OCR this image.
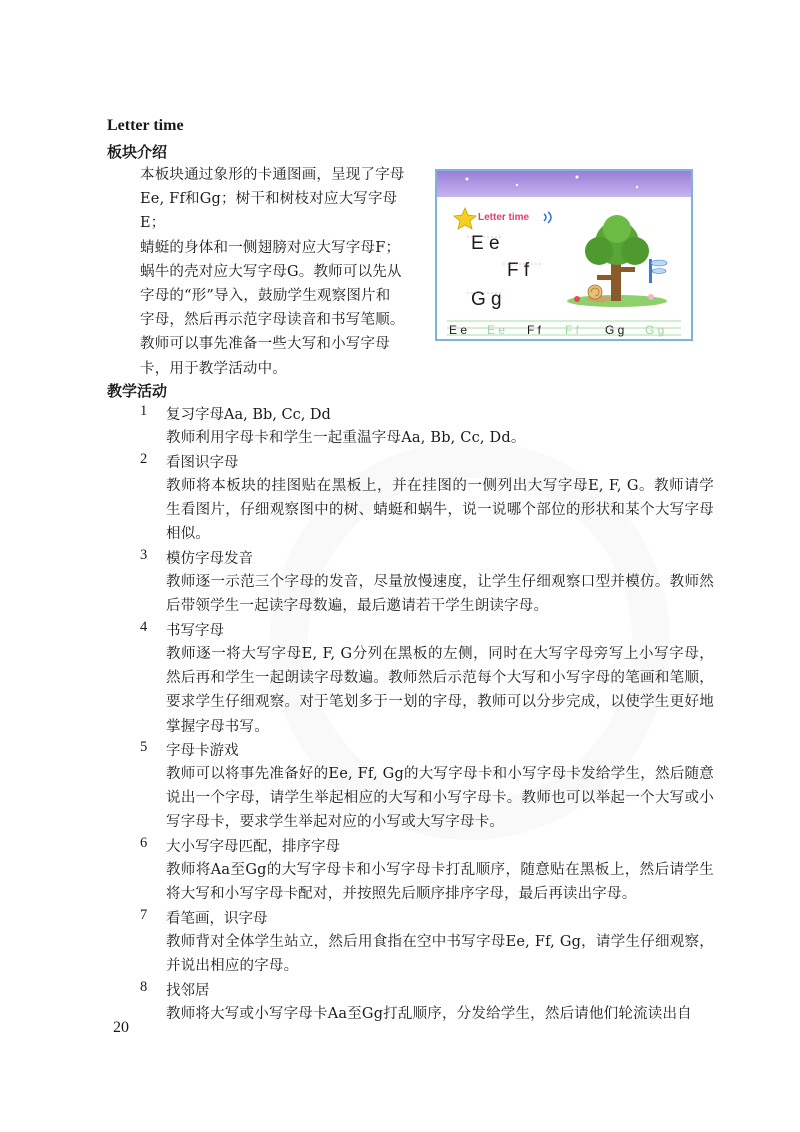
Letter time
板块介绍

本板块通过象形的卡通图画，呈现了字母

Ee, Ff和Gg；树干和树枝对应大写字母E；

蜻蜓的身体和一侧翅膀对应大写字母F；

蜗牛的壳对应大写字母G。教师可以先从

字母的“形”导入，鼓励学生观察图片和

字母，然后再示范字母读音和书写笔顺。

教师可以事先准备一些大写和小写字母

卡，用于教学活动中。

Letter time
E e
F f
G g
E e E e F f F f G g G g
教学活动
1 复习字母Aa, Bb, Cc, Dd

教师利用字母卡和学生一起重温字母Aa, Bb, Cc, Dd。

2 看图识字母

教师将本板块的挂图贴在黑板上，并在挂图的一侧列出大写字母E, F, G。教师请学生看图片，仔细观察图中的树、蜻蜓和蜗牛，说一说哪个部位的形状和某个大写字母相似。

3 模仿字母发音

教师逐一示范三个字母的发音，尽量放慢速度，让学生仔细观察口型并模仿。教师然后带领学生一起读字母数遍，最后邀请若干学生朗读字母。

4 书写字母

教师逐一将大写字母E, F, G分列在黑板的左侧，同时在大写字母旁写上小写字母，然后再和学生一起朗读字母数遍。教师然后示范每个大写和小写字母的笔画和笔顺，要求学生仔细观察。对于笔划多于一划的字母，教师可以分步完成，以使学生更好地掌握字母书写。

5 字母卡游戏

教师可以将事先准备好的Ee, Ff, Gg的大写字母卡和小写字母卡发给学生，然后随意说出一个字母，请学生举起相应的大写和小写字母卡。教师也可以举起一个大写或小写字母卡，要求学生举起对应的小写或大写字母卡。

6 大小写字母匹配，排序字母

教师将Aa至Gg的大写字母卡和小写字母卡打乱顺序，随意贴在黑板上，然后请学生将大写和小写字母卡配对，并按照先后顺序排序字母，最后再读出字母。

7 看笔画，识字母

教师背对全体学生站立，然后用食指在空中书写字母Ee, Ff, Gg，请学生仔细观察，并说出相应的字母。

8 找邻居

教师将大写或小写字母卡Aa至Gg打乱顺序，分发给学生，然后请他们轮流读出自

20
